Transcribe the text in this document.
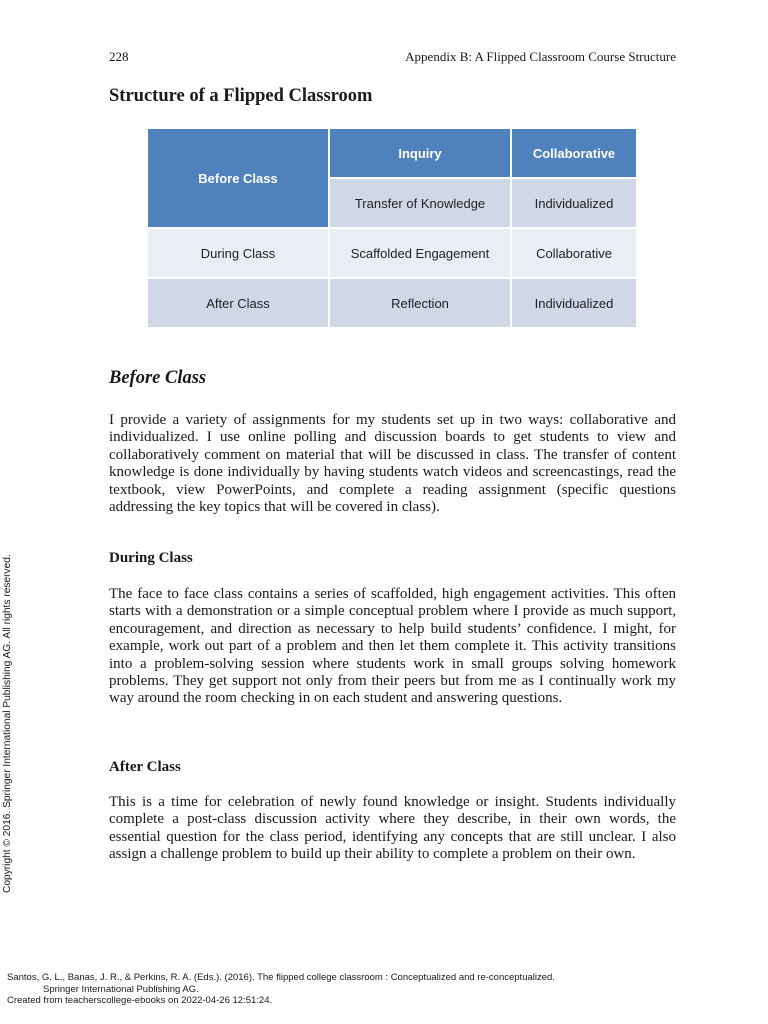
228	Appendix B: A Flipped Classroom Course Structure
Structure of a Flipped Classroom
Before Class	Inquiry	Collaborative
	Transfer of Knowledge	Individualized
During Class	Scaffolded Engagement	Collaborative
After Class	Reflection	Individualized
Before Class

I provide a variety of assignments for my students set up in two ways: collaborative and individualized. I use online polling and discussion boards to get students to view and collaboratively comment on material that will be discussed in class. The transfer of content knowledge is done individually by having students watch videos and screencastings, read the textbook, view PowerPoints, and complete a reading assignment (specific questions addressing the key topics that will be covered in class).

During Class

The face to face class contains a series of scaffolded, high engagement activities. This often starts with a demonstration or a simple conceptual problem where I provide as much support, encouragement, and direction as necessary to help build students’ confidence. I might, for example, work out part of a problem and then let them complete it. This activity transitions into a problem-solving session where students work in small groups solving homework problems. They get support not only from their peers but from me as I continually work my way around the room checking in on each student and answering questions.

After Class

This is a time for celebration of newly found knowledge or insight. Students individually complete a post-class discussion activity where they describe, in their own words, the essential question for the class period, identifying any concepts that are still unclear. I also assign a challenge problem to build up their ability to complete a problem on their own.

Copyright © 2016. Springer International Publishing AG. All rights reserved.
Santos, G. L., Banas, J. R., & Perkins, R. A. (Eds.). (2016). The flipped college classroom : Conceptualized and re-conceptualized.
Springer International Publishing AG.
Created from teacherscollege-ebooks on 2022-04-26 12:51:24.
